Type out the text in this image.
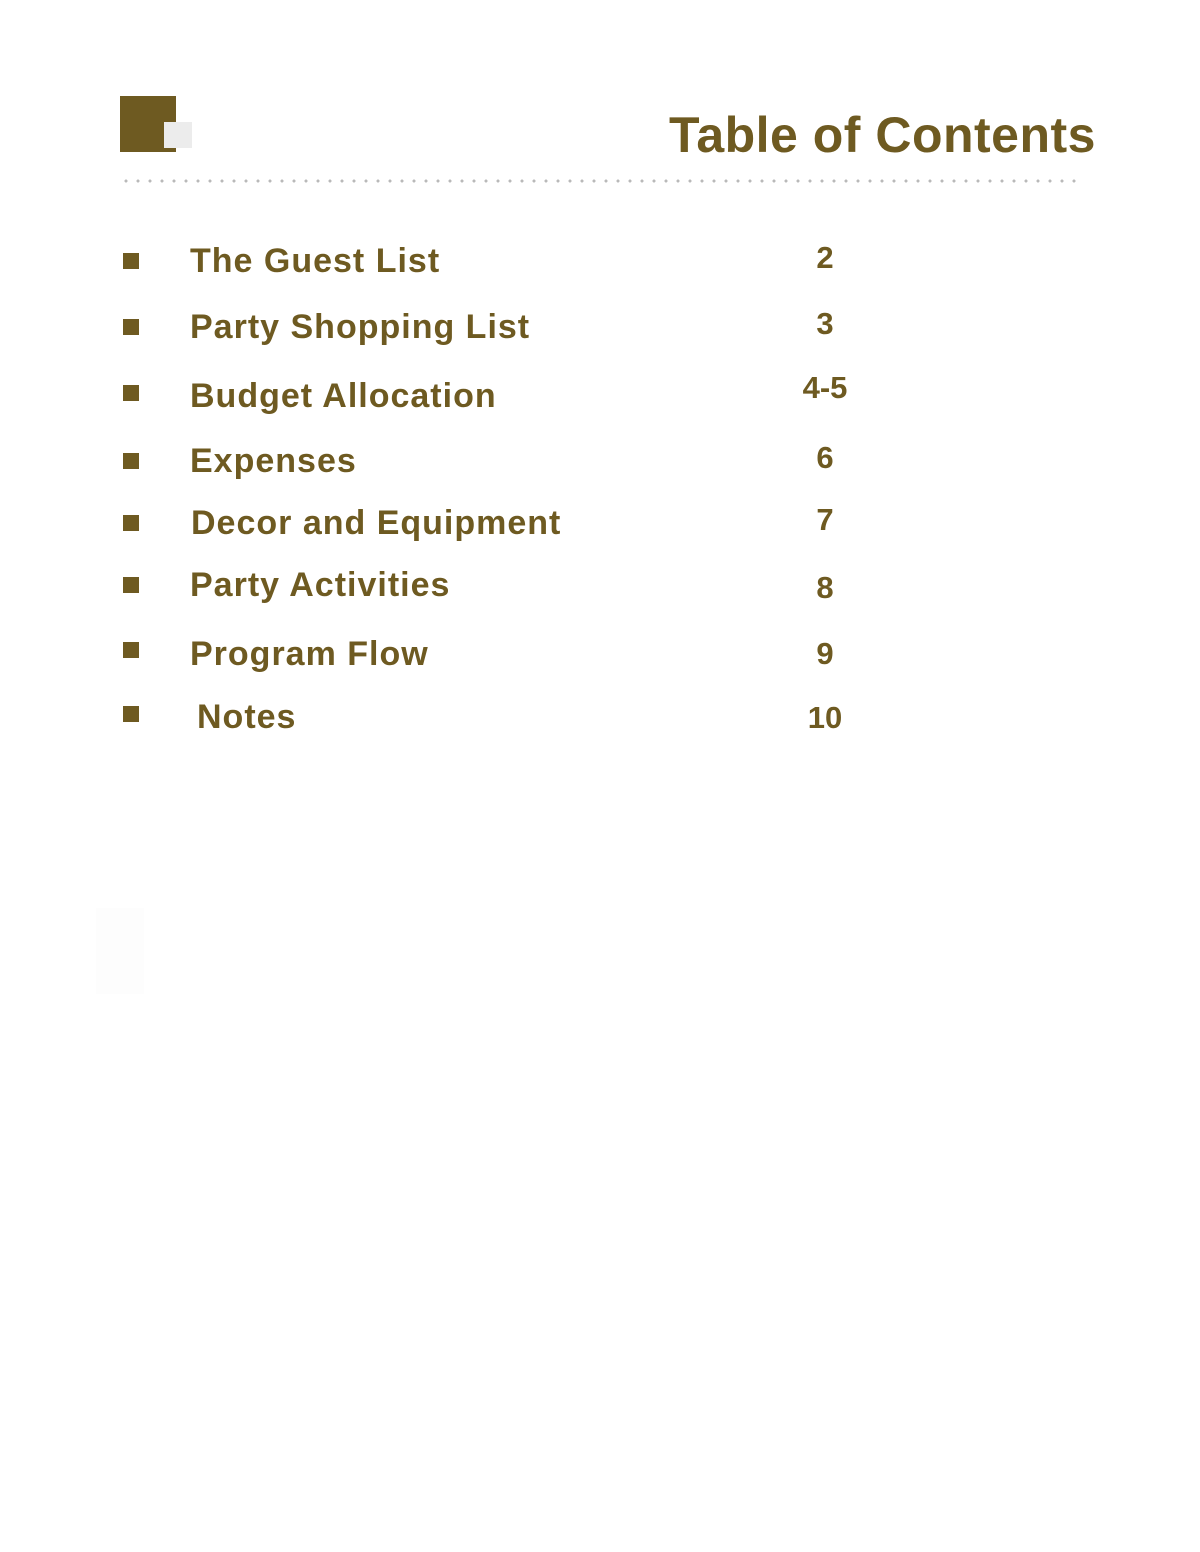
Table of Contents
The Guest List	2
Party Shopping List	3
Budget Allocation	4-5
Expenses	6
Decor and Equipment	7
Party Activities	8
Program Flow	9
Notes	10
